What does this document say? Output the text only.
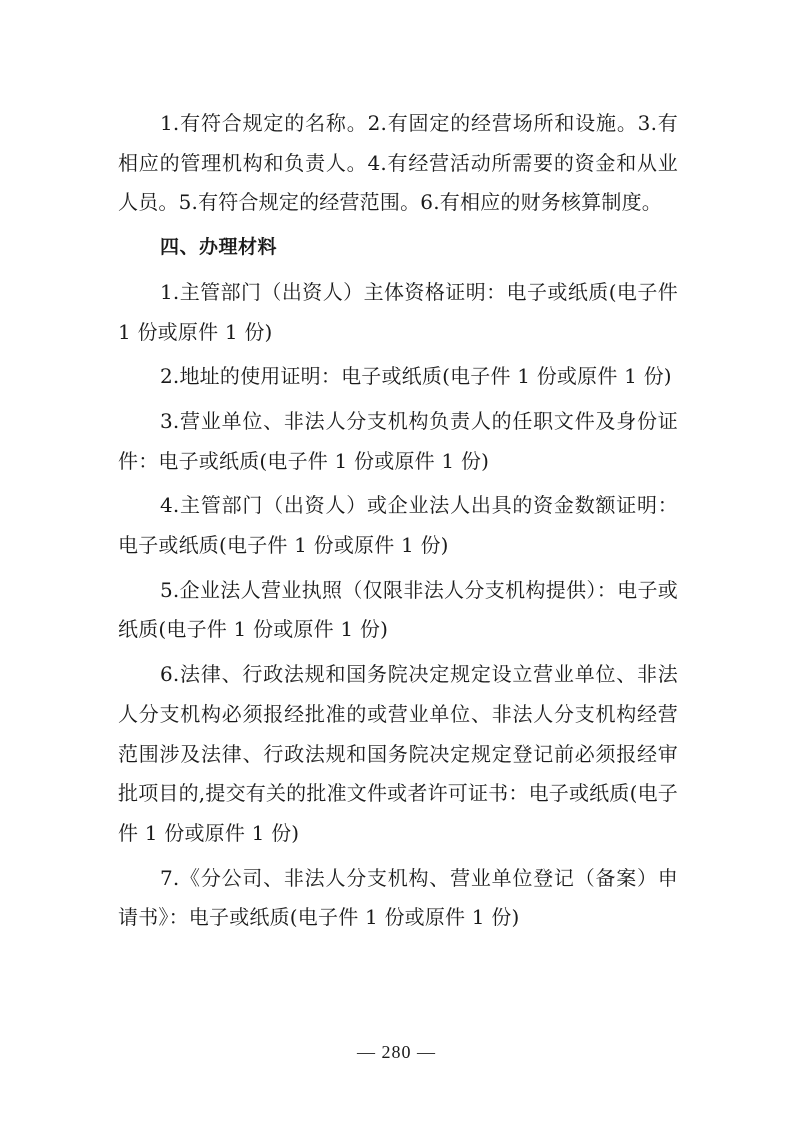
1.有符合规定的名称。2.有固定的经营场所和设施。3.有相应的管理机构和负责人。4.有经营活动所需要的资金和从业人员。5.有符合规定的经营范围。6.有相应的财务核算制度。

四、办理材料

1.主管部门（出资人）主体资格证明：电子或纸质(电子件 1 份或原件 1 份)

2.地址的使用证明：电子或纸质(电子件 1 份或原件 1 份)

3.营业单位、非法人分支机构负责人的任职文件及身份证件：电子或纸质(电子件 1 份或原件 1 份)

4.主管部门（出资人）或企业法人出具的资金数额证明：电子或纸质(电子件 1 份或原件 1 份)

5.企业法人营业执照（仅限非法人分支机构提供）：电子或纸质(电子件 1 份或原件 1 份)

6.法律、行政法规和国务院决定规定设立营业单位、非法人分支机构必须报经批准的或营业单位、非法人分支机构经营范围涉及法律、行政法规和国务院决定规定登记前必须报经审批项目的,提交有关的批准文件或者许可证书：电子或纸质(电子件 1 份或原件 1 份)

7.《分公司、非法人分支机构、营业单位登记（备案）申请书》：电子或纸质(电子件 1 份或原件 1 份)

— 280 —
